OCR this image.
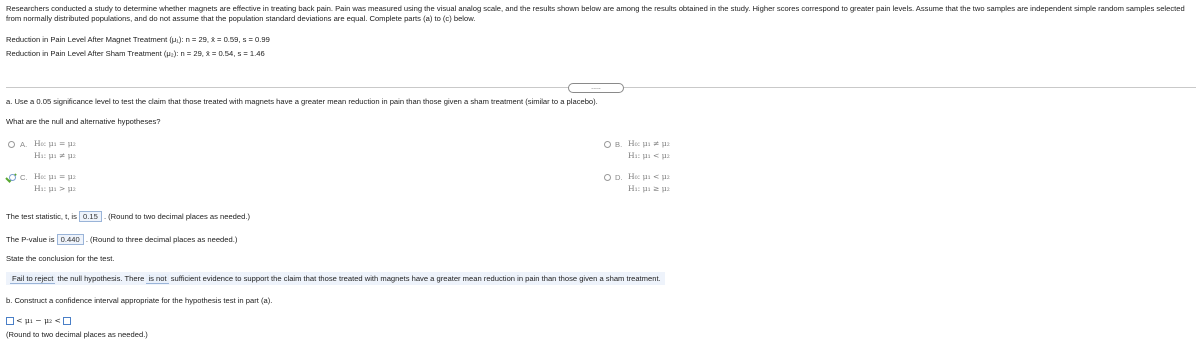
Researchers conducted a study to determine whether magnets are effective in treating back pain. Pain was measured using the visual analog scale, and the results shown below are among the results obtained in the study. Higher scores correspond to greater pain levels. Assume that the two samples are independent simple random samples selected from normally distributed populations, and do not assume that the population standard deviations are equal. Complete parts (a) to (c) below.
Reduction in Pain Level After Magnet Treatment (μ₁): n = 29, x̄ = 0.59, s = 0.99
Reduction in Pain Level After Sham Treatment (μ₂): n = 29, x̄ = 0.54, s = 1.46
.....
a. Use a 0.05 significance level to test the claim that those treated with magnets have a greater mean reduction in pain than those given a sham treatment (similar to a placebo).
What are the null and alternative hypotheses?
A. H₀: μ₁ = μ₂
H₁: μ₁ ≠ μ₂
B. H₀: μ₁ ≠ μ₂
H₁: μ₁ < μ₂
C. H₀: μ₁ = μ₂
H₁: μ₁ > μ₂
D. H₀: μ₁ < μ₂
H₁: μ₁ ≥ μ₂
The test statistic, t, is 0.15 . (Round to two decimal places as needed.)
The P-value is 0.440 . (Round to three decimal places as needed.)
State the conclusion for the test.
Fail to reject the null hypothesis. There is not sufficient evidence to support the claim that those treated with magnets have a greater mean reduction in pain than those given a sham treatment.
b. Construct a confidence interval appropriate for the hypothesis test in part (a).
< μ₁ − μ₂ <
(Round to two decimal places as needed.)
